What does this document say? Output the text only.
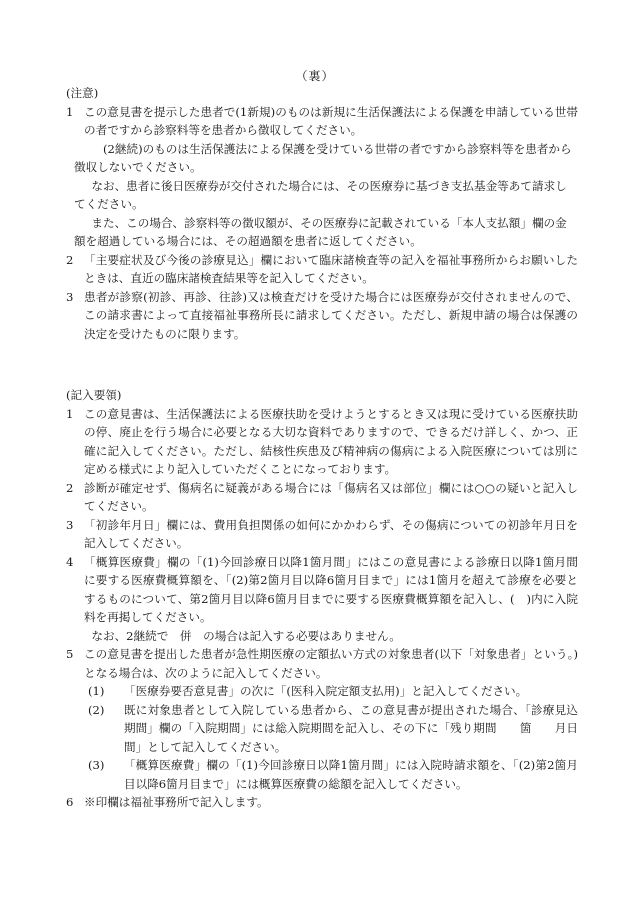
（裏）

(注意)

1 この意見書を提示した患者で(1新規)のものは新規に生活保護法による保護を申請している世帯の者ですから診察料等を患者から徴収してください。

(2継続)のものは生活保護法による保護を受けている世帯の者ですから診察料等を患者から徴収しないでください。

なお、患者に後日医療券が交付された場合には、その医療券に基づき支払基金等あて請求してください。

また、この場合、診察料等の徴収額が、その医療券に記載されている「本人支払額」欄の金額を超過している場合には、その超過額を患者に返してください。

2 「主要症状及び今後の診療見込」欄において臨床諸検査等の記入を福祉事務所からお願いしたときは、直近の臨床諸検査結果等を記入してください。
3 患者が診察(初診、再診、往診)又は検査だけを受けた場合には医療券が交付されませんので、この請求書によって直接福祉事務所長に請求してください。ただし、新規申請の場合は保護の決定を受けたものに限ります。

(記入要領)

1 この意見書は、生活保護法による医療扶助を受けようとするとき又は現に受けている医療扶助の停、廃止を行う場合に必要となる大切な資料でありますので、できるだけ詳しく、かつ、正確に記入してください。ただし、結核性疾患及び精神病の傷病による入院医療については別に定める様式により記入していただくことになっております。
2 診断が確定せず、傷病名に疑義がある場合には「傷病名又は部位」欄には○○の疑いと記入してください。
3 「初診年月日」欄には、費用負担関係の如何にかかわらず、その傷病についての初診年月日を記入してください。
4 「概算医療費」欄の「(1)今回診療日以降1箇月間」にはこの意見書による診療日以降1箇月間に要する医療費概算額を、「(2)第2箇月目以降6箇月目まで」には1箇月を超えて診療を必要とするものについて、第2箇月目以降6箇月目までに要する医療費概算額を記入し、(　)内に入院料を再掲してください。

なお、2継続で　併　の場合は記入する必要はありません。

5 この意見書を提出した患者が急性期医療の定額払い方式の対象患者(以下「対象患者」という。)となる場合は、次のように記入してください。
(1)	「医療券要否意見書」の次に「(医科入院定額支払用)」と記入してください。
(2)	既に対象患者として入院している患者から、この意見書が提出された場合、「診療見込期間」欄の「入院期間」には総入院期間を記入し、その下に「残り期間　　箇　　月日間」として記入してください。
(3)	「概算医療費」欄の「(1)今回診療日以降1箇月間」には入院時請求額を、「(2)第2箇月目以降6箇月目まで」には概算医療費の総額を記入してください。
6 ※印欄は福祉事務所で記入します。
